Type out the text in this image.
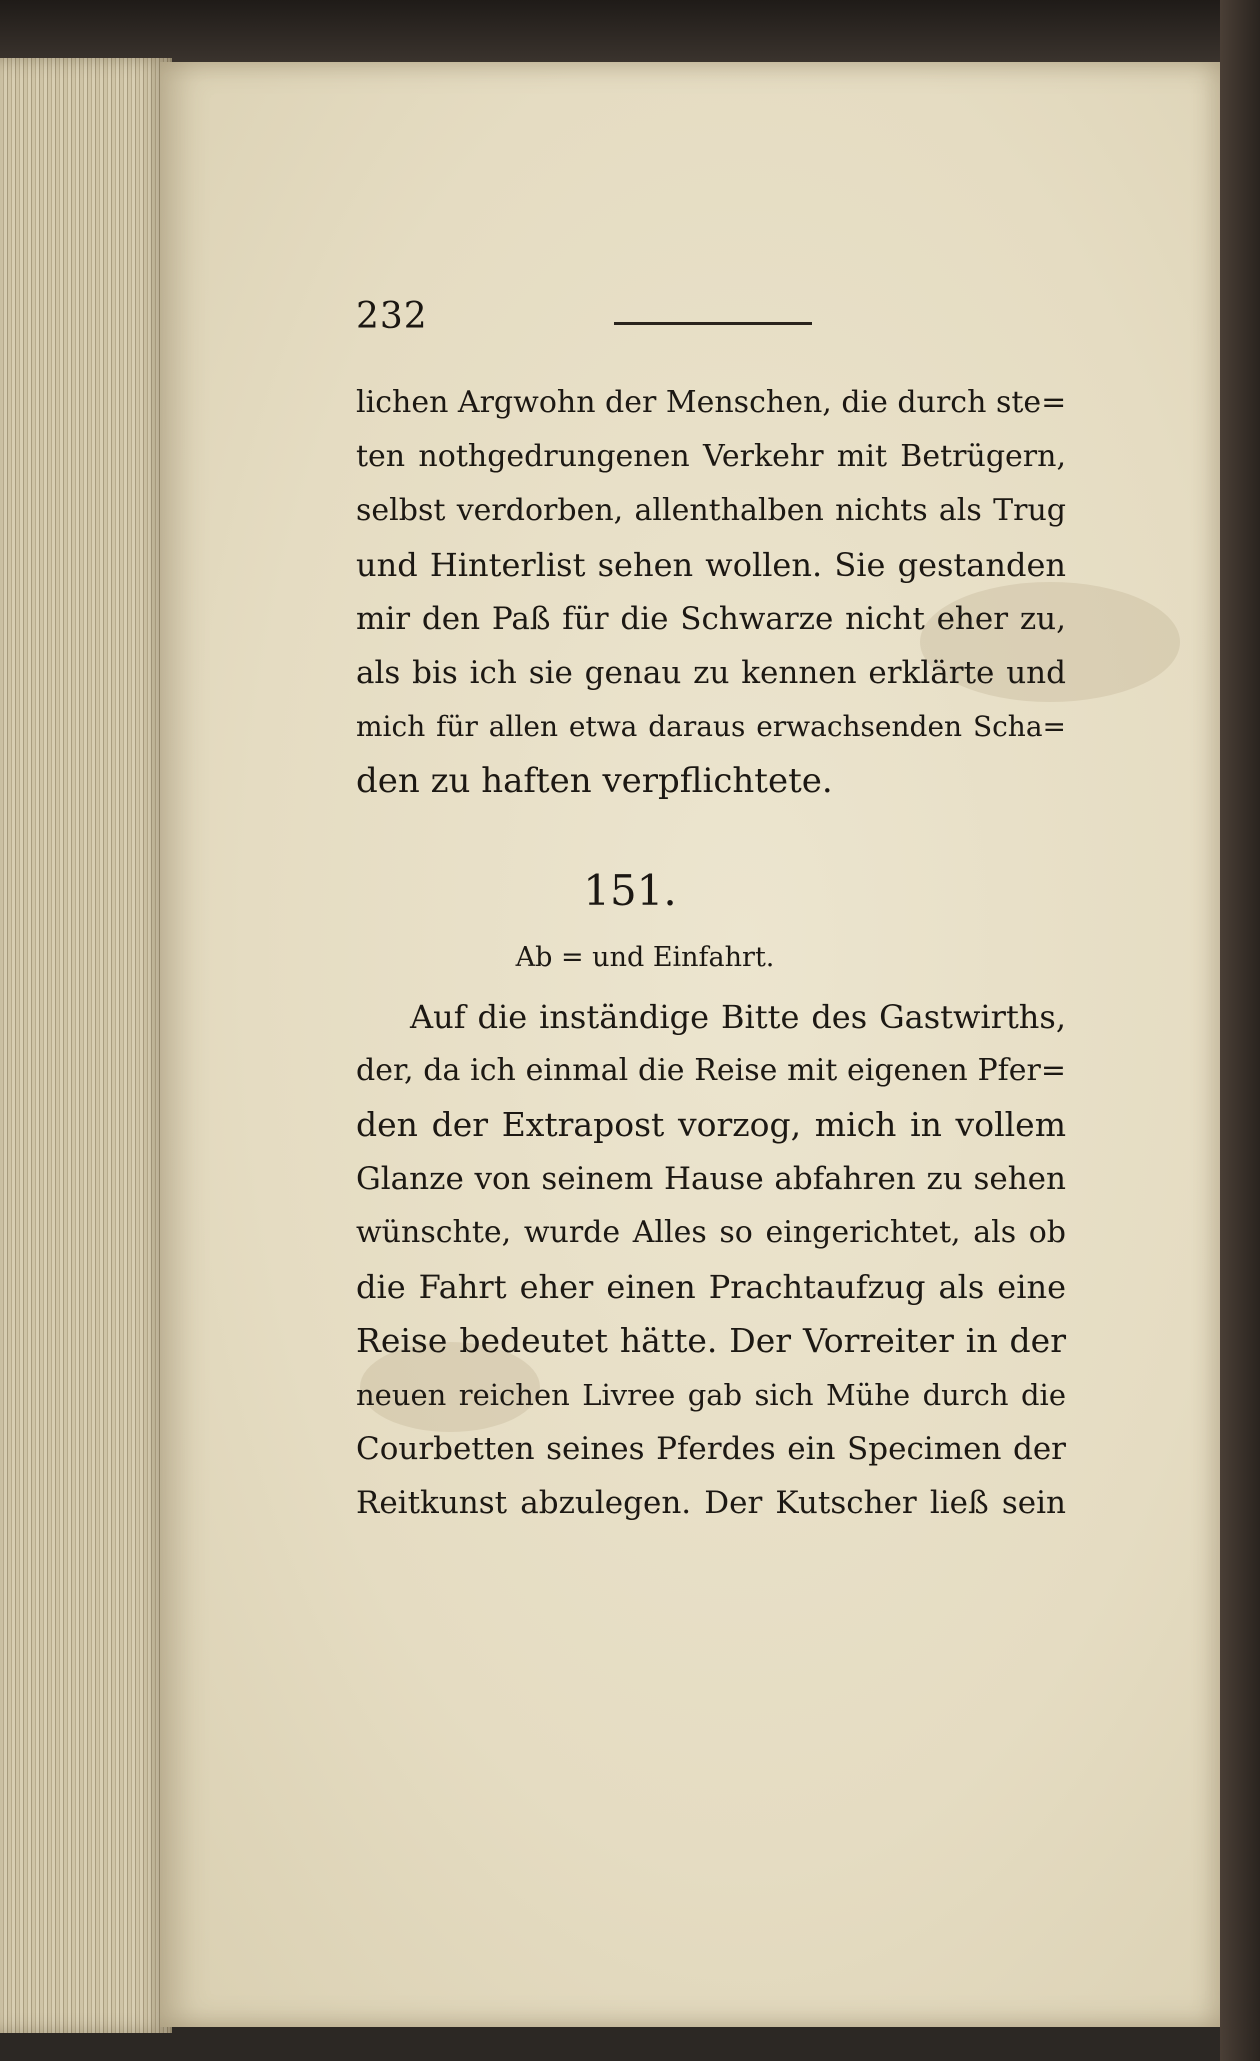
232
lichen Argwohn der Menschen, die durch ste=
ten nothgedrungenen Verkehr mit Betrügern,
selbst verdorben, allenthalben nichts als Trug
und Hinterlist sehen wollen. Sie gestanden
mir den Paß für die Schwarze nicht eher zu,
als bis ich sie genau zu kennen erklärte und
mich für allen etwa daraus erwachsenden Scha=
den zu haften verpflichtete.
151.
Ab = und Einfahrt.
Auf die inständige Bitte des Gastwirths,
der, da ich einmal die Reise mit eigenen Pfer=
den der Extrapost vorzog, mich in vollem
Glanze von seinem Hause abfahren zu sehen
wünschte, wurde Alles so eingerichtet, als ob
die Fahrt eher einen Prachtaufzug als eine
Reise bedeutet hätte. Der Vorreiter in der
neuen reichen Livree gab sich Mühe durch die
Courbetten seines Pferdes ein Specimen der
Reitkunst abzulegen. Der Kutscher ließ sein
